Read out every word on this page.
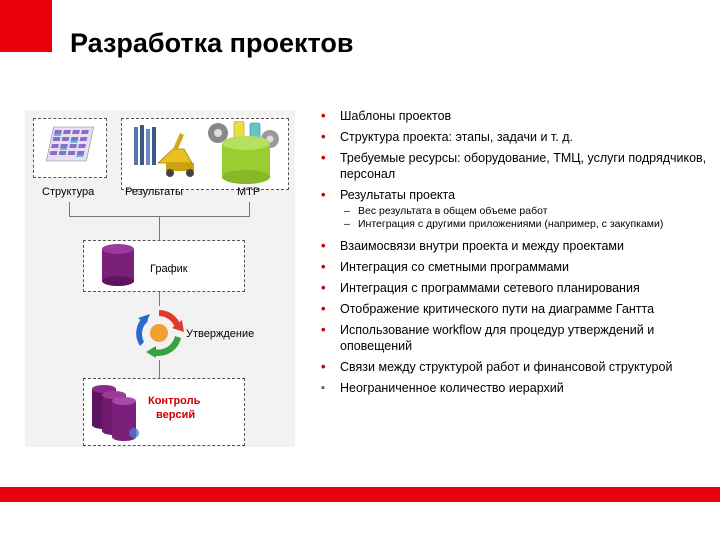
Разработка проектов
Структура	Результаты	МТР
График
Утверждение
Контроль
версий

• Шаблоны проектов

• Структура проекта: этапы, задачи и т. д.

• Требуемые ресурсы: оборудование, ТМЦ, услуги подрядчиков, персонал

• Результаты проекта

– Вес результата в общем объеме работ

– Интеграция с другими приложениями (например, с закупками)

• Взаимосвязи внутри проекта и между проектами

• Интеграция со сметными программами

• Интеграция с программами сетевого планирования

• Отображение критического пути на диаграмме Гантта

• Использование workflow для процедур утверждений и оповещений

• Связи между структурой работ и финансовой структурой

▪ Неограниченное количество иерархий
